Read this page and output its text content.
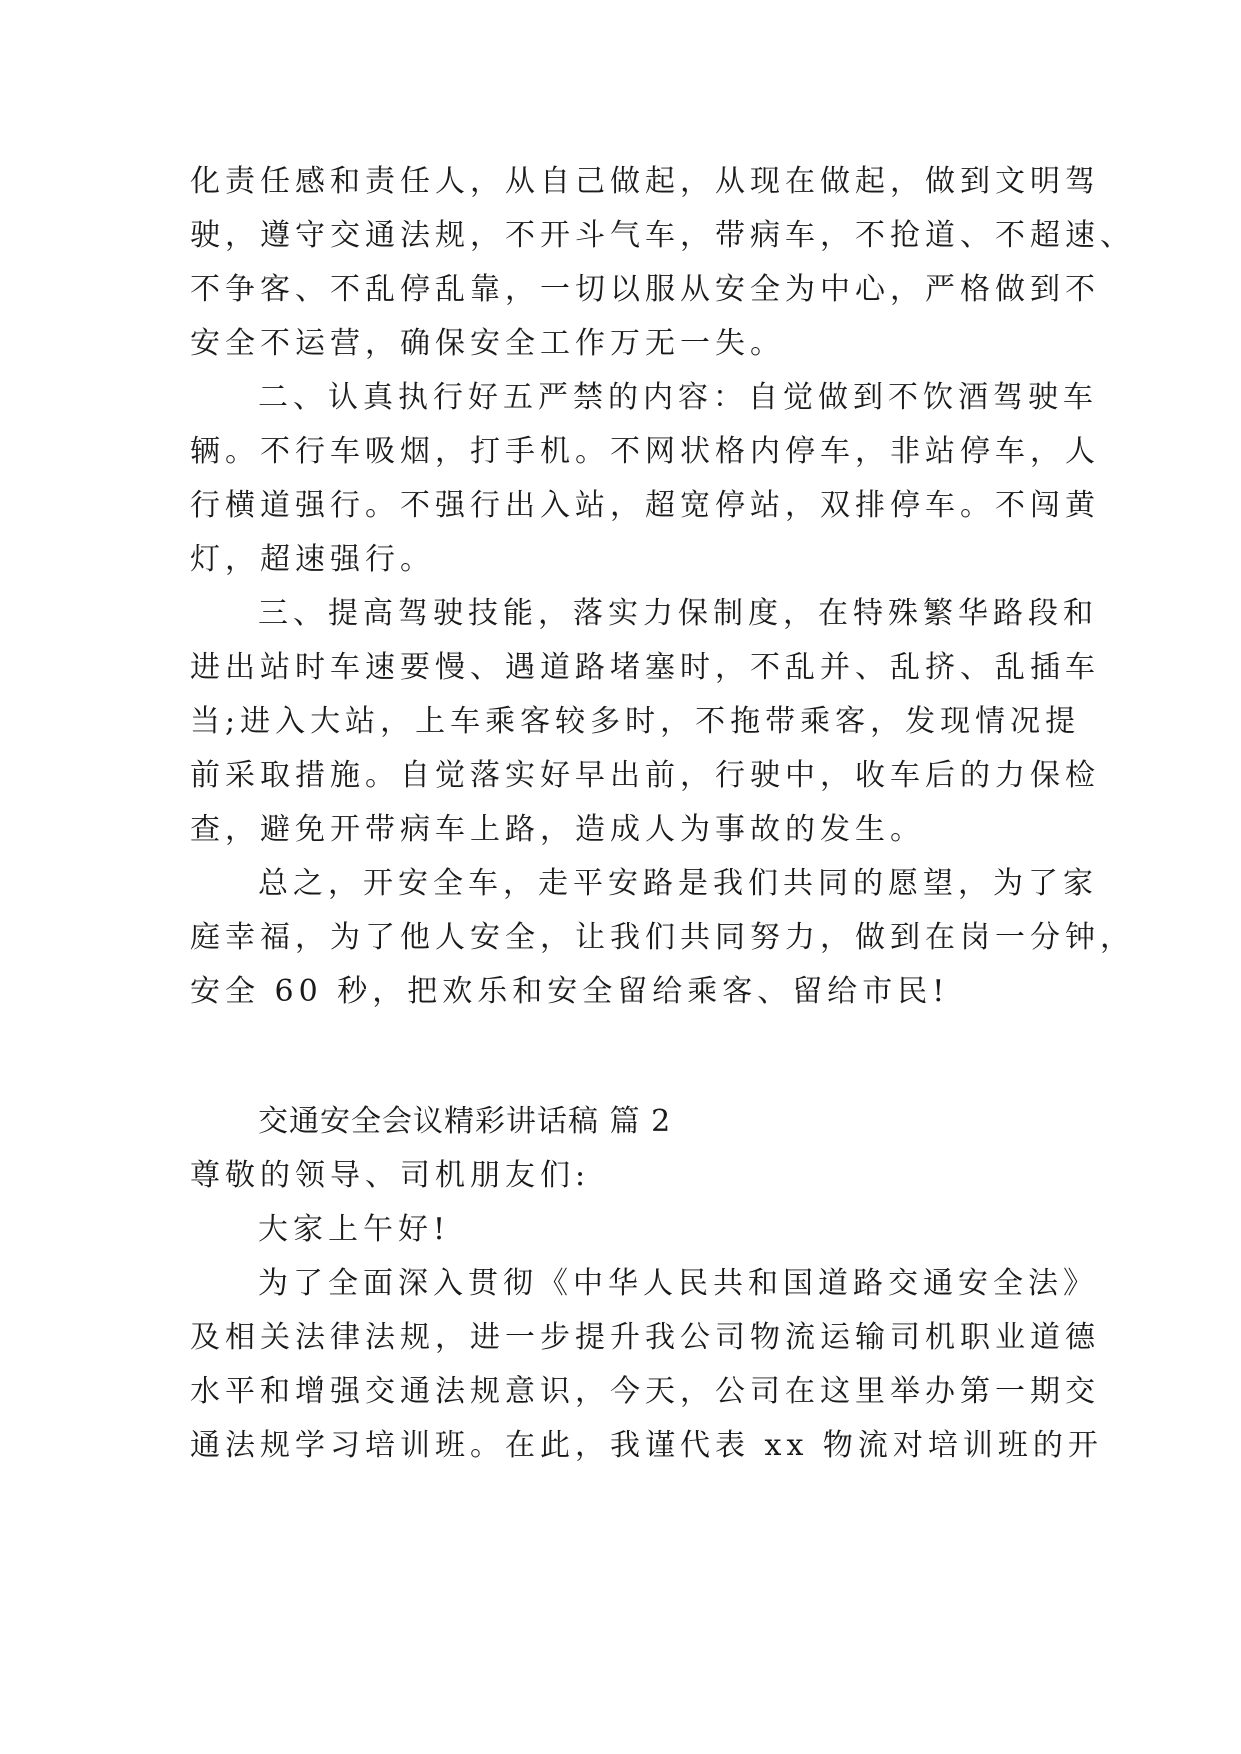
化责任感和责任人，从自己做起，从现在做起，做到文明驾
驶，遵守交通法规，不开斗气车，带病车，不抢道、不超速、
不争客、不乱停乱靠，一切以服从安全为中心，严格做到不
安全不运营，确保安全工作万无一失。
二、认真执行好五严禁的内容：自觉做到不饮酒驾驶车
辆。不行车吸烟，打手机。不网状格内停车，非站停车，人
行横道强行。不强行出入站，超宽停站，双排停车。不闯黄
灯，超速强行。
三、提高驾驶技能，落实力保制度，在特殊繁华路段和
进出站时车速要慢、遇道路堵塞时，不乱并、乱挤、乱插车
当;进入大站，上车乘客较多时，不拖带乘客，发现情况提
前采取措施。自觉落实好早出前，行驶中，收车后的力保检
查，避免开带病车上路，造成人为事故的发生。
总之，开安全车，走平安路是我们共同的愿望，为了家
庭幸福，为了他人安全，让我们共同努力，做到在岗一分钟，
安全 60 秒，把欢乐和安全留给乘客、留给市民!
交通安全会议精彩讲话稿 篇 2
尊敬的领导、司机朋友们:
大家上午好!
为了全面深入贯彻《中华人民共和国道路交通安全法》
及相关法律法规，进一步提升我公司物流运输司机职业道德
水平和增强交通法规意识，今天，公司在这里举办第一期交
通法规学习培训班。在此，我谨代表 xx 物流对培训班的开
